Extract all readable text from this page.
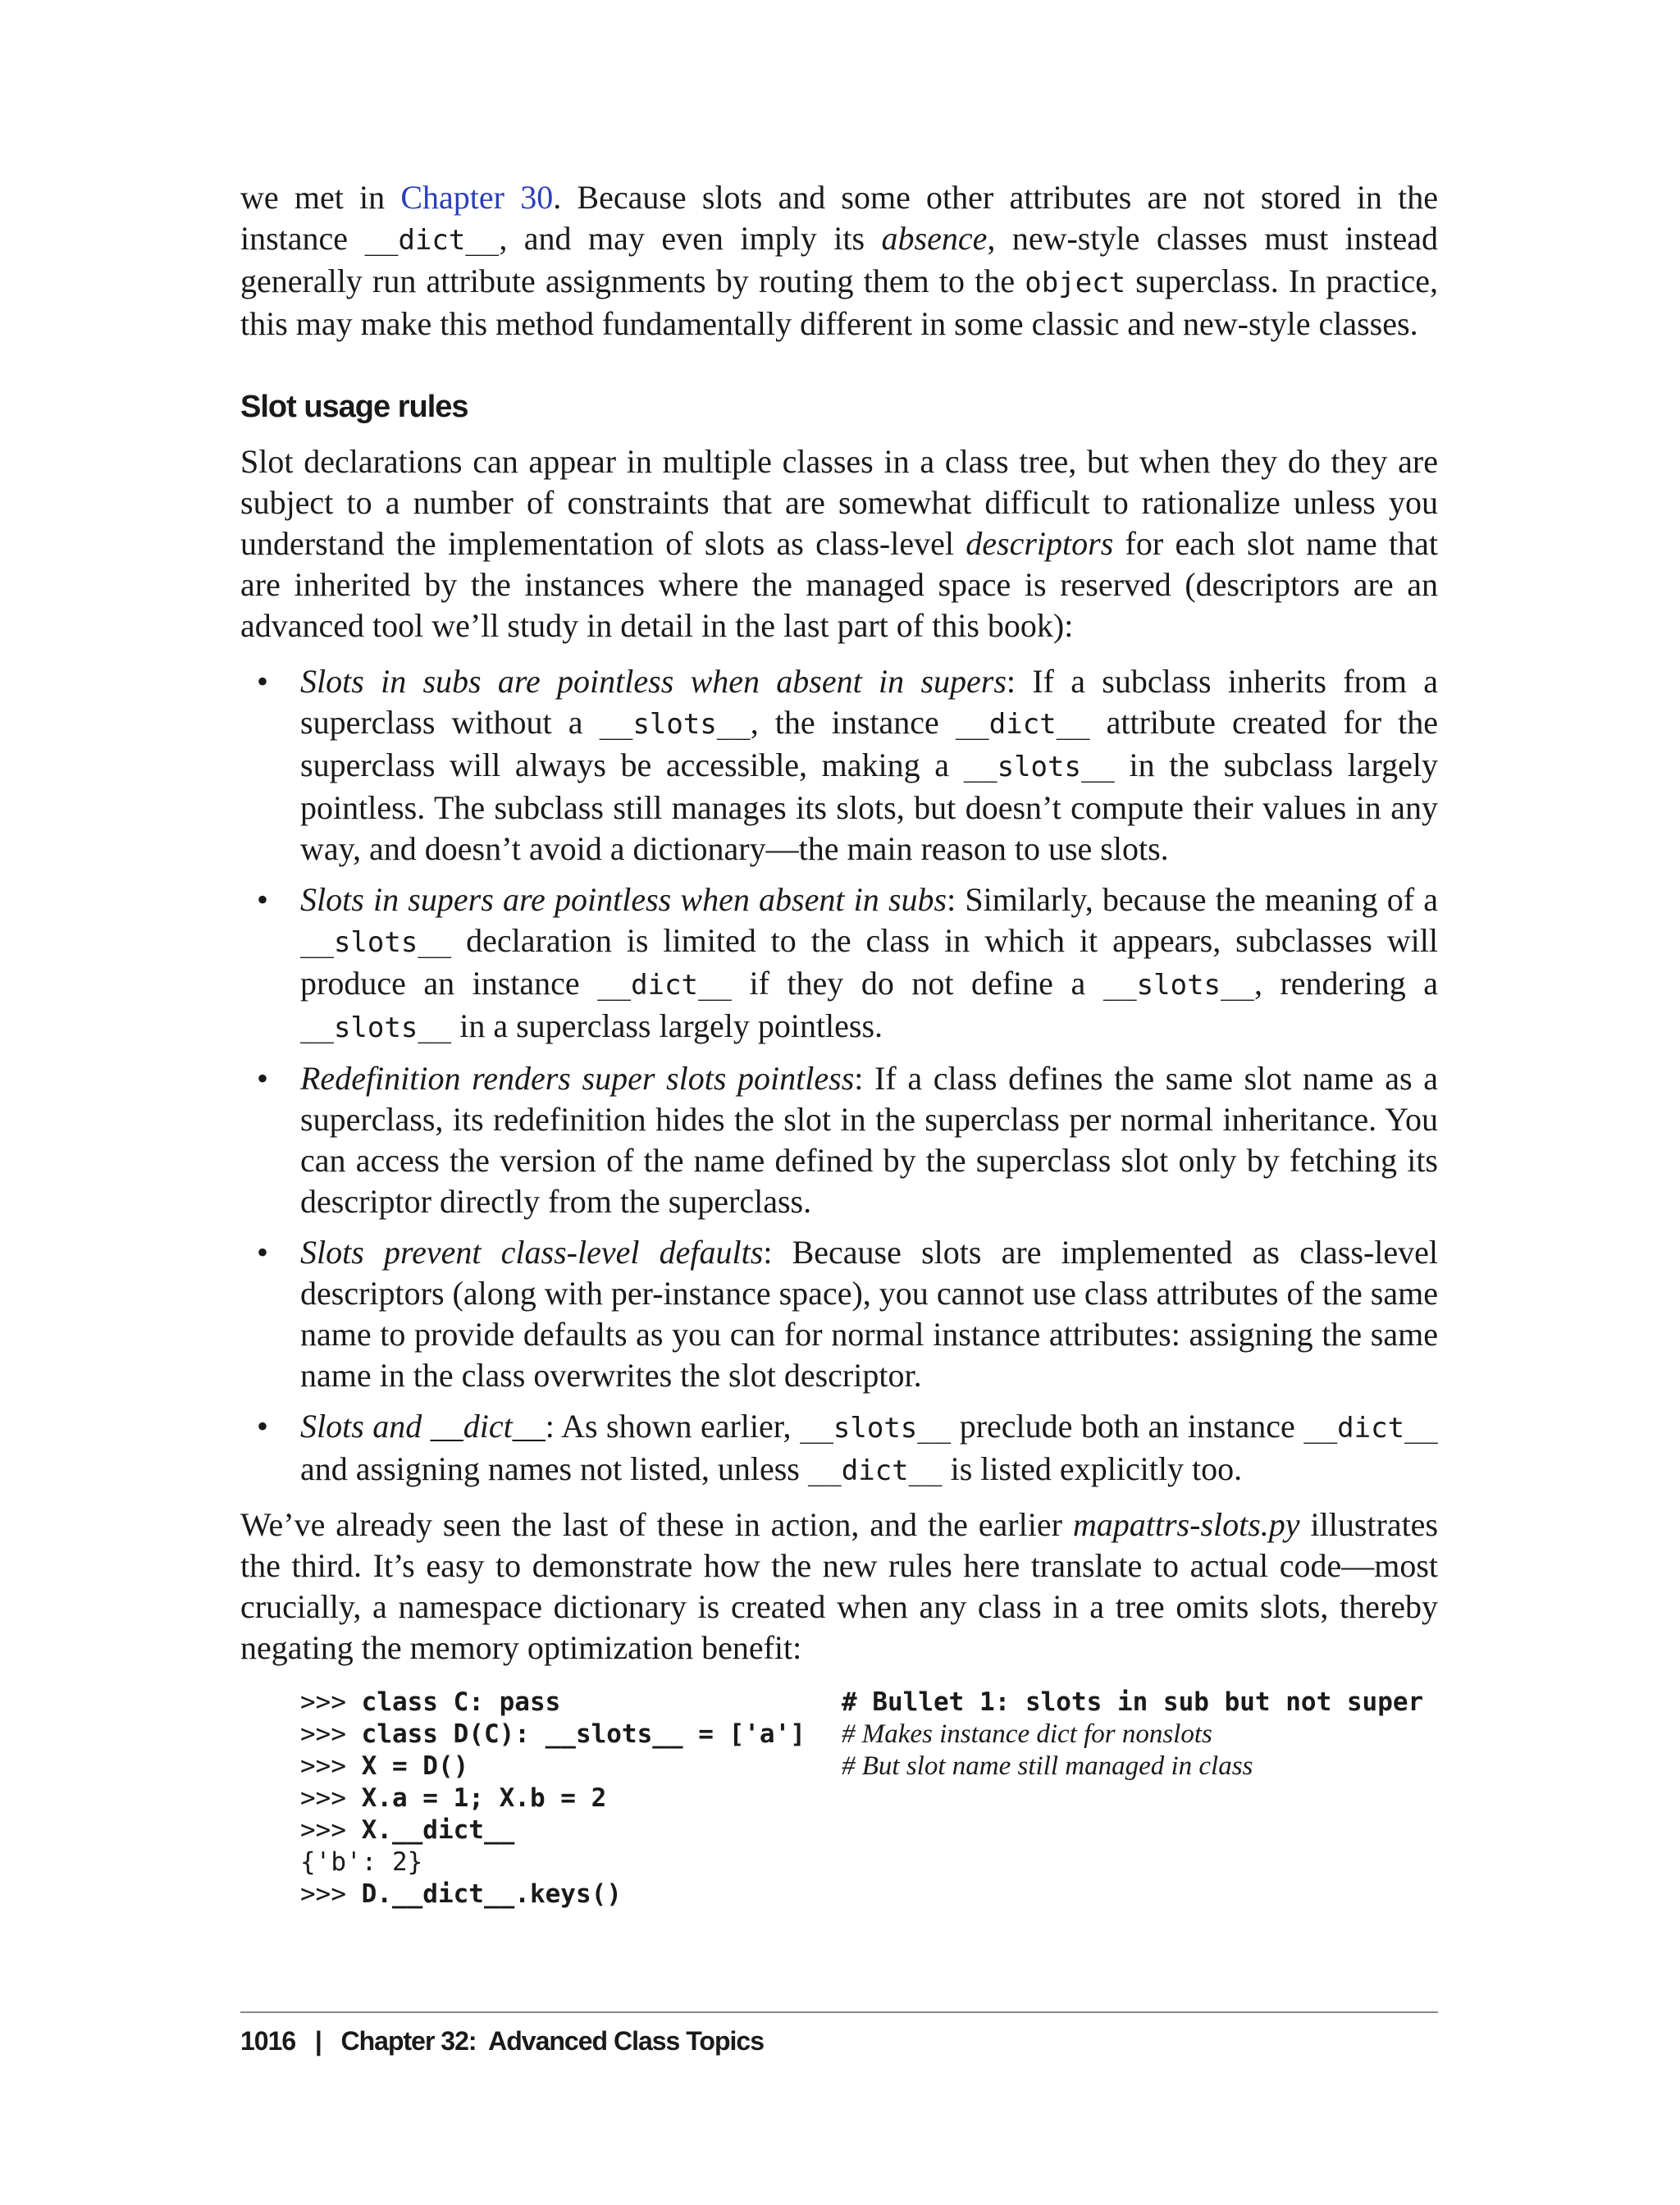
we met in Chapter 30. Because slots and some other attributes are not stored in the instance __dict__, and may even imply its absence, new-style classes must instead generally run attribute assignments by routing them to the object superclass. In practice, this may make this method fundamentally different in some classic and new-style classes.

Slot usage rules

Slot declarations can appear in multiple classes in a class tree, but when they do they are subject to a number of constraints that are somewhat difficult to rationalize unless you understand the implementation of slots as class-level descriptors for each slot name that are inherited by the instances where the managed space is reserved (descriptors are an advanced tool we’ll study in detail in the last part of this book):

• Slots in subs are pointless when absent in supers: If a subclass inherits from a superclass without a __slots__, the instance __dict__ attribute created for the superclass will always be accessible, making a __slots__ in the subclass largely pointless. The subclass still manages its slots, but doesn’t compute their values in any way, and doesn’t avoid a dictionary—the main reason to use slots.
• Slots in supers are pointless when absent in subs: Similarly, because the meaning of a __slots__ declaration is limited to the class in which it appears, subclasses will produce an instance __dict__ if they do not define a __slots__, rendering a __slots__ in a superclass largely pointless.
• Redefinition renders super slots pointless: If a class defines the same slot name as a superclass, its redefinition hides the slot in the superclass per normal inheritance. You can access the version of the name defined by the superclass slot only by fetching its descriptor directly from the superclass.
• Slots prevent class-level defaults: Because slots are implemented as class-level descriptors (along with per-instance space), you cannot use class attributes of the same name to provide defaults as you can for normal instance attributes: assigning the same name in the class overwrites the slot descriptor.
• Slots and __dict__: As shown earlier, __slots__ preclude both an instance __dict__ and assigning names not listed, unless __dict__ is listed explicitly too.

We’ve already seen the last of these in action, and the earlier mapattrs-slots.py illustrates the third. It’s easy to demonstrate how the new rules here translate to actual code—most crucially, a namespace dictionary is created when any class in a tree omits slots, thereby negating the memory optimization benefit:

>>> class C: pass
>>> class D(C): __slots__ = ['a']
>>> X = D()
>>> X.a = 1; X.b = 2
>>> X.__dict__
{'b': 2}
>>> D.__dict__.keys()
# Bullet 1: slots in sub but not super
# Makes instance dict for nonslots
# But slot name still managed in class
1016 | Chapter 32:  Advanced Class Topics
